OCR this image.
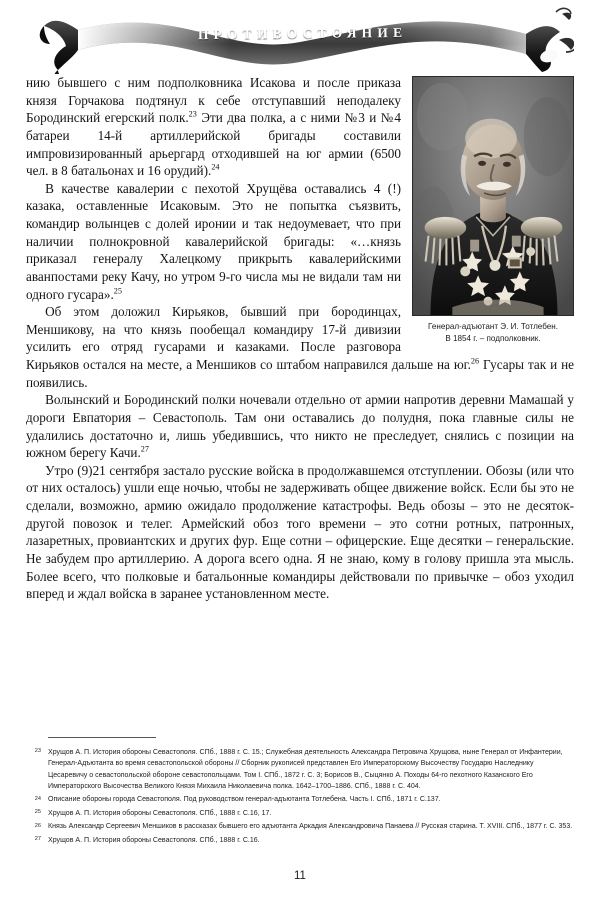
ПРОТИВОСТОЯНИЕ
Генерал-адъютант Э. И. Тотлебен.
В 1854 г. – подполковник.

нию бывшего с ним подполковника Исакова и после приказа князя Горчакова подтянул к себе отступавший неподалеку Бородинский егерский полк.$^{23}$ Эти два полка, а с ними №3 и №4 батареи 14-й артиллерийской бригады составили импровизированный арьергард отходившей на юг армии (6500 чел. в 8 батальонах и 16 орудий).$^{24}$

В качестве кавалерии с пехотой Хрущёва оставались 4 (!) казака, оставленные Исаковым. Это не попытка съязвить, командир волынцев с долей иронии и так недоумевает, что при наличии полнокровной кавалерийской бригады: «…князь приказал генералу Халецкому прикрыть кавалерийскими аванпостами реку Качу, но утром 9-го числа мы не видали там ни одного гусара».$^{25}$

Об этом доложил Кирьяков, бывший при бородинцах, Меншикову, на что князь пообещал командиру 17-й дивизии усилить его отряд гусарами и казаками. После разговора Кирьяков остался на месте, а Меншиков со штабом направился дальше на юг.$^{26}$ Гусары так и не появились.

Волынский и Бородинский полки ночевали отдельно от армии напротив деревни Мамашай у дороги Евпатория – Севастополь. Там они оставались до полудня, пока главные силы не удалились достаточно и, лишь убедившись, что никто не преследует, снялись с позиции на южном берегу Качи.$^{27}$

Утро (9)21 сентября застало русские войска в продолжавшемся отступлении. Обозы (или что от них осталось) ушли еще ночью, чтобы не задерживать общее движение войск. Если бы это не сделали, возможно, армию ожидало продолжение катастрофы. Ведь обозы – это не десяток-другой повозок и телег. Армейский обоз того времени – это сотни ротных, патронных, лазаретных, провиантских и других фур. Еще сотни – офицерские. Еще десятки – генеральские. Не забудем про артиллерию. А дорога всего одна. Я не знаю, кому в голову пришла эта мысль. Более всего, что полковые и батальонные командиры действовали по привычке – обоз уходил вперед и ждал войска в заранее установленном месте.

23 Хрущов А. П. История обороны Севастополя. СПб., 1888 г. С. 15.; Служебная деятельность Александра Петровича Хрущова, ныне Генерал от Инфантерии, Генерал-Адъютанта во время севастопольской обороны // Сборник рукописей представлен Его Императорскому Высочеству Государю Наследнику Цесаревичу о севастопольской обороне севастопольцами. Том I. СПб., 1872 г. С. 3; Борисов В., Сыцянко А. Походы 64-го пехотного Казанского Его Императорского Высочества Великого Князя Михаила Николаевича полка. 1642–1700–1886. СПб., 1888 г. С. 404.
24 Описание обороны города Севастополя. Под руководством генерал-адъютанта Тотлебена. Часть I. СПб., 1871 г. С.137.
25 Хрущов А. П. История обороны Севастополя. СПб., 1888 г. С.16, 17.
26 Князь Александр Сергеевич Меншиков в рассказах бывшего его адъютанта Аркадия Александровича Панаева // Русская старина. Т. XVIII. СПб., 1877 г. С. 353.
27 Хрущов А. П. История обороны Севастополя. СПб., 1888 г. С.16.
11
